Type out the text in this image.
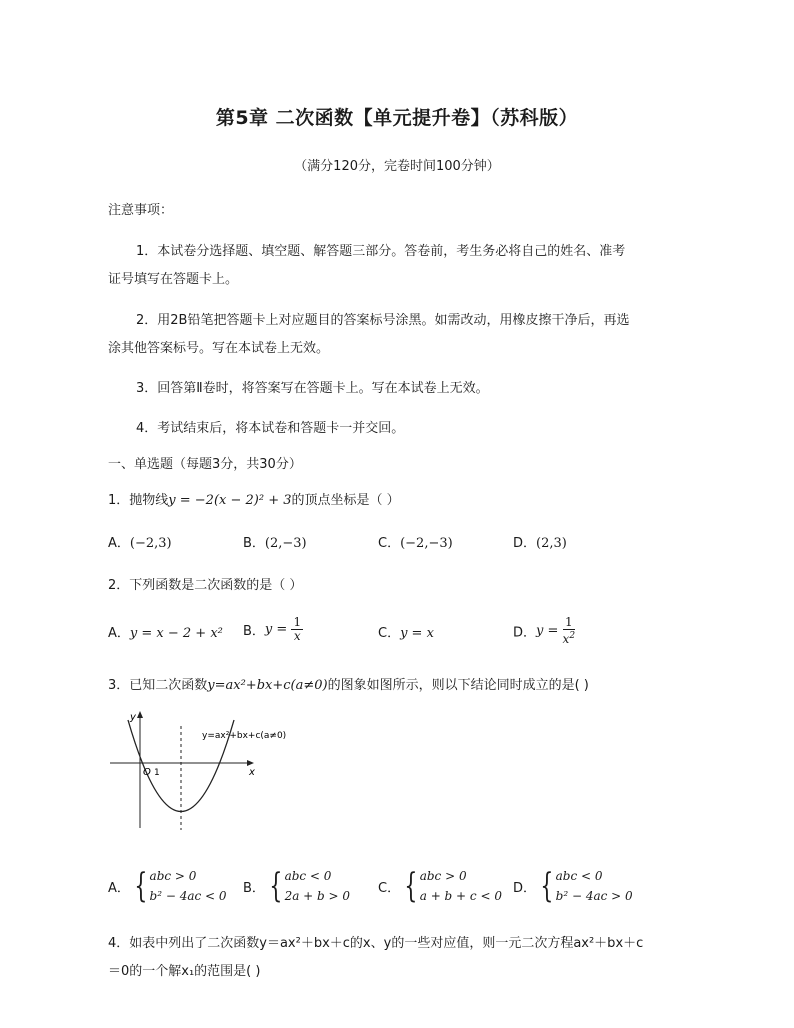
第5章 二次函数【单元提升卷】（苏科版）
（满分120分，完卷时间100分钟）
注意事项：
1．本试卷分选择题、填空题、解答题三部分。答卷前，考生务必将自己的姓名、准考
证号填写在答题卡上。
2．用2B铅笔把答题卡上对应题目的答案标号涂黑。如需改动，用橡皮擦干净后，再选
涂其他答案标号。写在本试卷上无效。
3．回答第Ⅱ卷时，将答案写在答题卡上。写在本试卷上无效。
4．考试结束后，将本试卷和答题卡一并交回。
一、单选题（每题3分，共30分）
1．抛物线y = −2(x − 2)² + 3的顶点坐标是（ ）
A．(−2,3)	B．(2,−3)	C．(−2,−3)	D．(2,3)
2．下列函数是二次函数的是（ ）
A．y = x − 2 + x² B．$y = \frac{1}{x}$	C．y = x	D．$y = \frac{1}{x^2}$
3．已知二次函数y=ax²+bx+c(a≠0)的图象如图所示，则以下结论同时成立的是( )
y
x
O 1
y=ax²+bx+c(a≠0)
A． { abc > 0
b² − 4ac < 0
B． { abc < 0
2a + b > 0
C． { abc > 0
a + b + c < 0
D． { abc < 0
b² − 4ac > 0
4．如表中列出了二次函数y＝ax²＋bx＋c的x、y的一些对应值，则一元二次方程ax²＋bx＋c
＝0的一个解x₁的范围是( )
